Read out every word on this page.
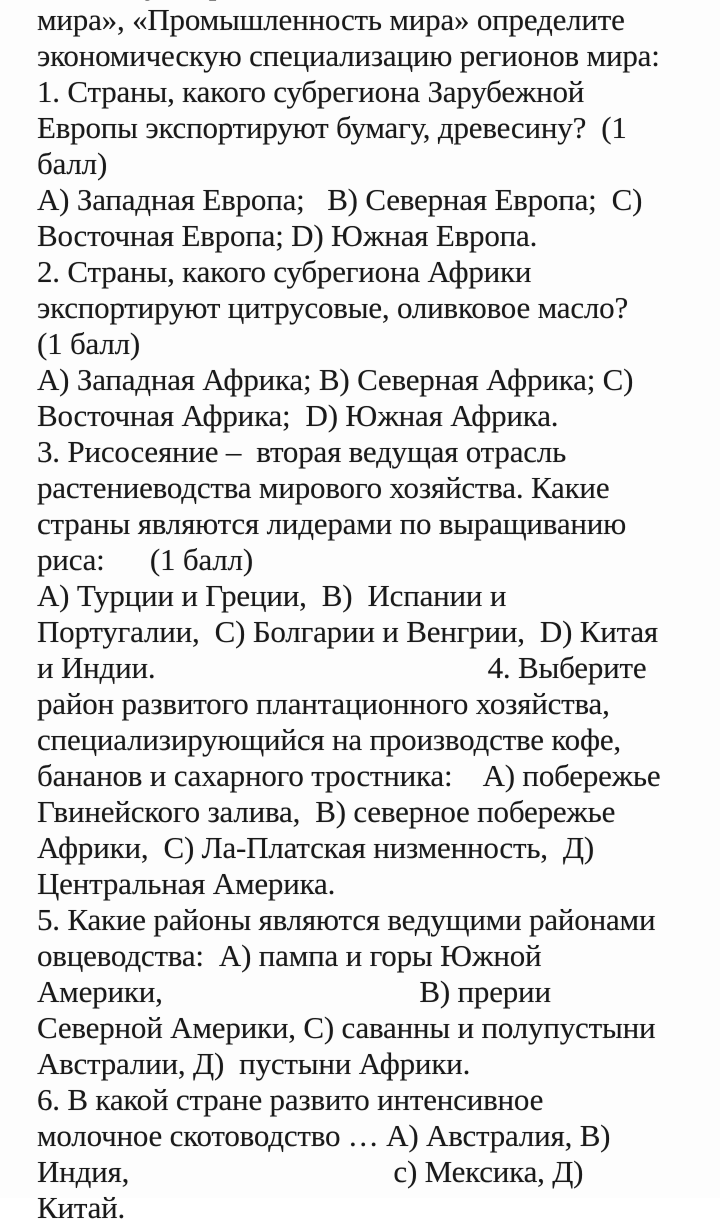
мира», «Промышленность мира» определите
экономическую специализацию регионов мира:
1. Страны, какого субрегиона Зарубежной
Европы экспортируют бумагу, древесину?  (1
балл)
А) Западная Европа;   В) Северная Европа;  С)
Восточная Европа; D) Южная Европа.
2. Страны, какого субрегиона Африки
экспортируют цитрусовые, оливковое масло?
(1 балл)
А) Западная Африка; В) Северная Африка; С)
Восточная Африка;  D) Южная Африка.
3. Рисосеяние –  вторая ведущая отрасль
растениеводства мирового хозяйства. Какие
страны являются лидерами по выращиванию
риса:      (1 балл)
А) Турции и Греции,  В)  Испании и
Португалии,  С) Болгарии и Венгрии,  D) Китая
и Индии.                                            4. Выберите
район развитого плантационного хозяйства,
специализирующийся на производстве кофе,
бананов и сахарного тростника:    А) побережье
Гвинейского залива,  В) северное побережье
Африки,  С) Ла-Платская низменность,  Д)
Центральная Америка.
5. Какие районы являются ведущими районами
овцеводства:  А) пампа и горы Южной
Америки,                                  В) прерии
Северной Америки, С) саванны и полупустыни
Австралии, Д)  пустыни Африки.
6. В какой стране развито интенсивное
молочное скотоводство … А) Австралия, В)
Индия,                                   с) Мексика, Д)
Китай.
